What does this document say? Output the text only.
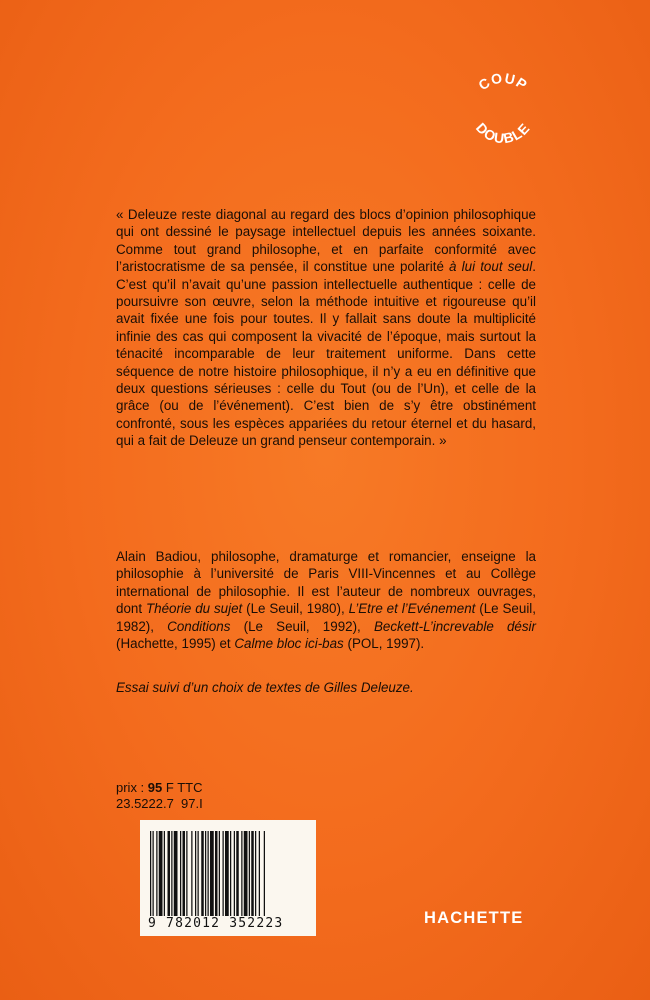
COUP
DOUBLE

« Deleuze reste diagonal au regard des blocs d’opinion philosophique qui ont dessiné le paysage intellectuel depuis les années soixante. Comme tout grand philosophe, et en parfaite conformité avec l’aristocratisme de sa pensée, il constitue une polarité à lui tout seul. C’est qu’il n’avait qu’une passion intellectuelle authentique : celle de poursuivre son œuvre, selon la méthode intuitive et rigoureuse qu’il avait fixée une fois pour toutes. Il y fallait sans doute la multiplicité infinie des cas qui composent la vivacité de l’époque, mais surtout la ténacité incomparable de leur traitement uniforme. Dans cette séquence de notre histoire philosophique, il n’y a eu en définitive que deux questions sérieuses : celle du Tout (ou de l’Un), et celle de la grâce (ou de l’événement). C’est bien de s’y être obstinément confronté, sous les espèces appariées du retour éternel et du hasard, qui a fait de Deleuze un grand penseur contemporain. »

Alain Badiou, philosophe, dramaturge et romancier, enseigne la philosophie à l’université de Paris VIII-Vincennes et au Collège international de philosophie. Il est l’auteur de nombreux ouvrages, dont Théorie du sujet (Le Seuil, 1980), L’Etre et l’Evénement (Le Seuil, 1982), Conditions (Le Seuil, 1992), Beckett-L’increvable désir (Hachette, 1995) et Calme bloc ici-bas (POL, 1997).

Essai suivi d’un choix de textes de Gilles Deleuze.
prix : 95 F TTC
23.5222.7  97.I
9 782012 352223	HACHETTE
